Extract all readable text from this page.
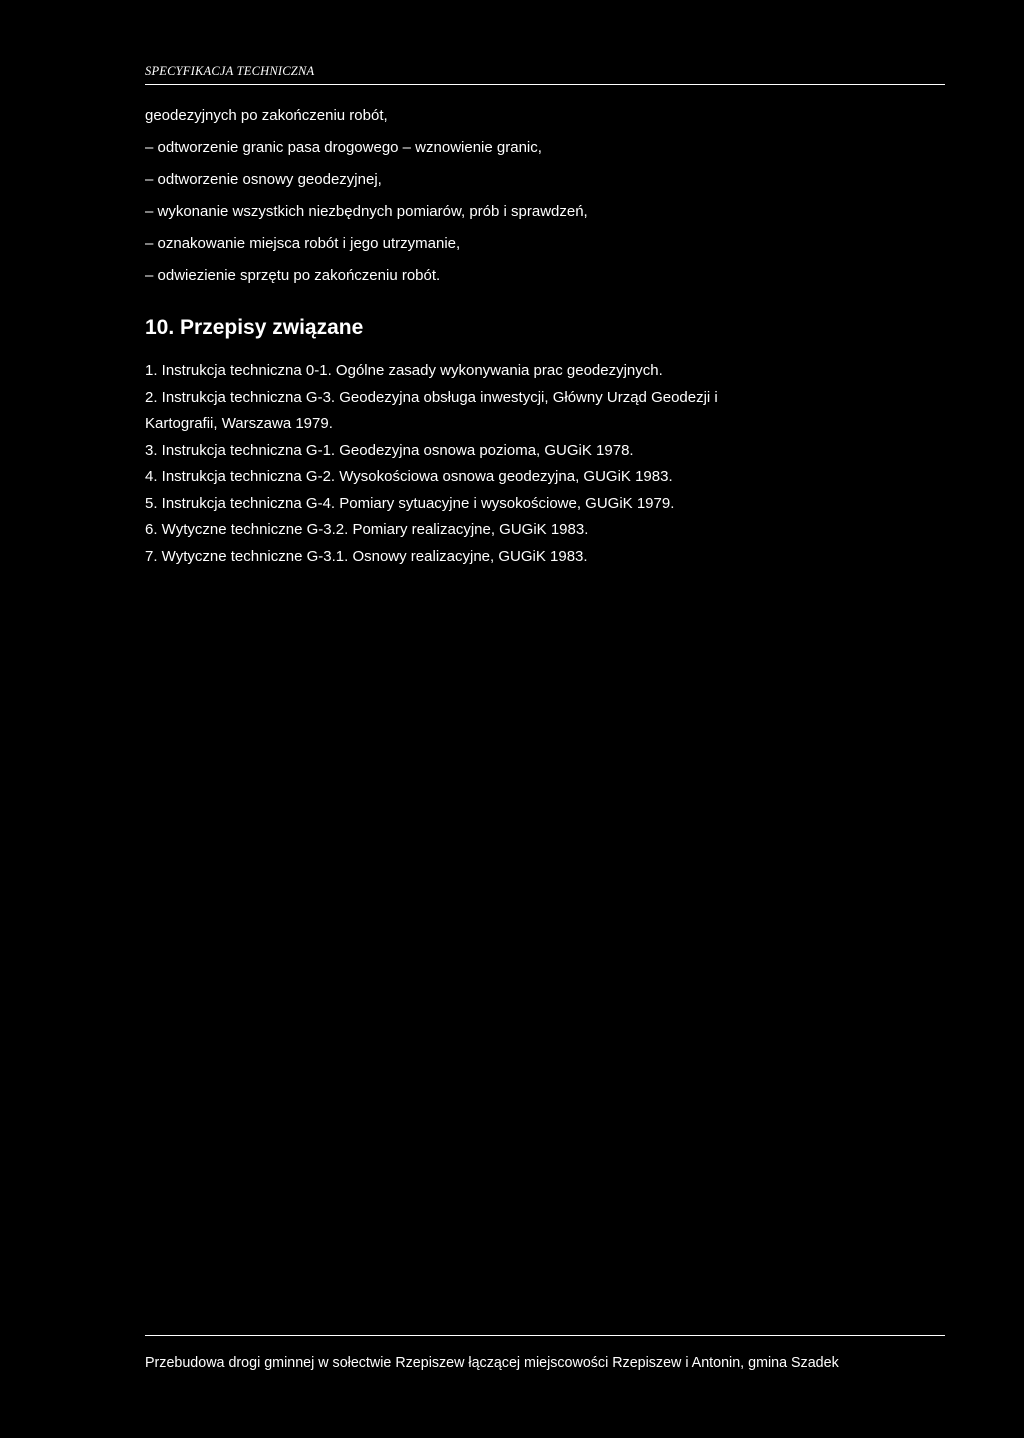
SPECYFIKACJA TECHNICZNA
geodezyjnych po zakończeniu robót,
– odtworzenie granic pasa drogowego – wznowienie granic,
– odtworzenie osnowy geodezyjnej,
– wykonanie wszystkich niezbędnych pomiarów, prób i sprawdzeń,
– oznakowanie miejsca robót i jego utrzymanie,
– odwiezienie sprzętu po zakończeniu robót.
10. Przepisy związane
1. Instrukcja techniczna 0-1. Ogólne zasady wykonywania prac geodezyjnych.
2. Instrukcja techniczna G-3. Geodezyjna obsługa inwestycji, Główny Urząd Geodezji i
Kartografii, Warszawa 1979.
3. Instrukcja techniczna G-1. Geodezyjna osnowa pozioma, GUGiK 1978.
4. Instrukcja techniczna G-2. Wysokościowa osnowa geodezyjna, GUGiK 1983.
5. Instrukcja techniczna G-4. Pomiary sytuacyjne i wysokościowe, GUGiK 1979.
6. Wytyczne techniczne G-3.2. Pomiary realizacyjne, GUGiK 1983.
7. Wytyczne techniczne G-3.1. Osnowy realizacyjne, GUGiK 1983.
Przebudowa drogi gminnej w sołectwie Rzepiszew łączącej miejscowości Rzepiszew i Antonin, gmina Szadek
